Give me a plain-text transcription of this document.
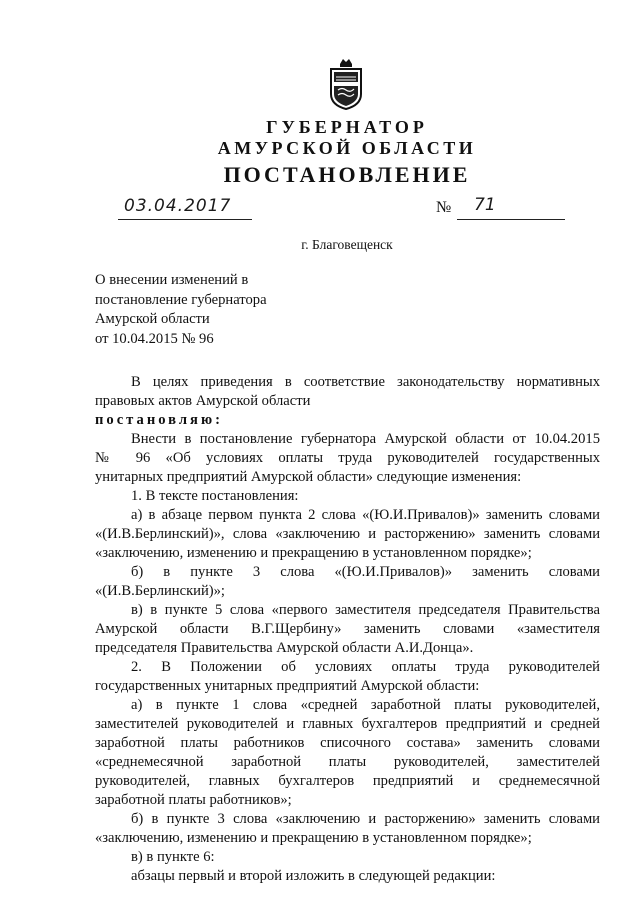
ГУБЕРНАТОР
АМУРСКОЙ ОБЛАСТИ
ПОСТАНОВЛЕНИЕ
03.04.2017	№ 71
г. Благовещенск
О внесении изменений в
постановление губернатора
Амурской области
от 10.04.2015 № 96
В целях приведения в соответствие законодательству нормативных
правовых актов Амурской области
постановляю:
Внести в постановление губернатора Амурской области от 10.04.2015
№ 96 «Об условиях оплаты труда руководителей государственных
унитарных предприятий Амурской области» следующие изменения:
1. В тексте постановления:
а) в абзаце первом пункта 2 слова «(Ю.И.Привалов)» заменить словами
«(И.В.Берлинский)», слова «заключению и расторжению» заменить словами
«заключению, изменению и прекращению в установленном порядке»;
б) в пункте 3 слова «(Ю.И.Привалов)» заменить словами
«(И.В.Берлинский)»;
в) в пункте 5 слова «первого заместителя председателя Правительства
Амурской области В.Г.Щербину» заменить словами «заместителя
председателя Правительства Амурской области А.И.Донца».
2. В Положении об условиях оплаты труда руководителей
государственных унитарных предприятий Амурской области:
а) в пункте 1 слова «средней заработной платы руководителей,
заместителей руководителей и главных бухгалтеров предприятий и средней
заработной платы работников списочного состава» заменить словами
«среднемесячной заработной платы руководителей, заместителей
руководителей, главных бухгалтеров предприятий и среднемесячной
заработной платы работников»;
б) в пункте 3 слова «заключению и расторжению» заменить словами
«заключению, изменению и прекращению в установленном порядке»;
в) в пункте 6:
абзацы первый и второй изложить в следующей редакции:
